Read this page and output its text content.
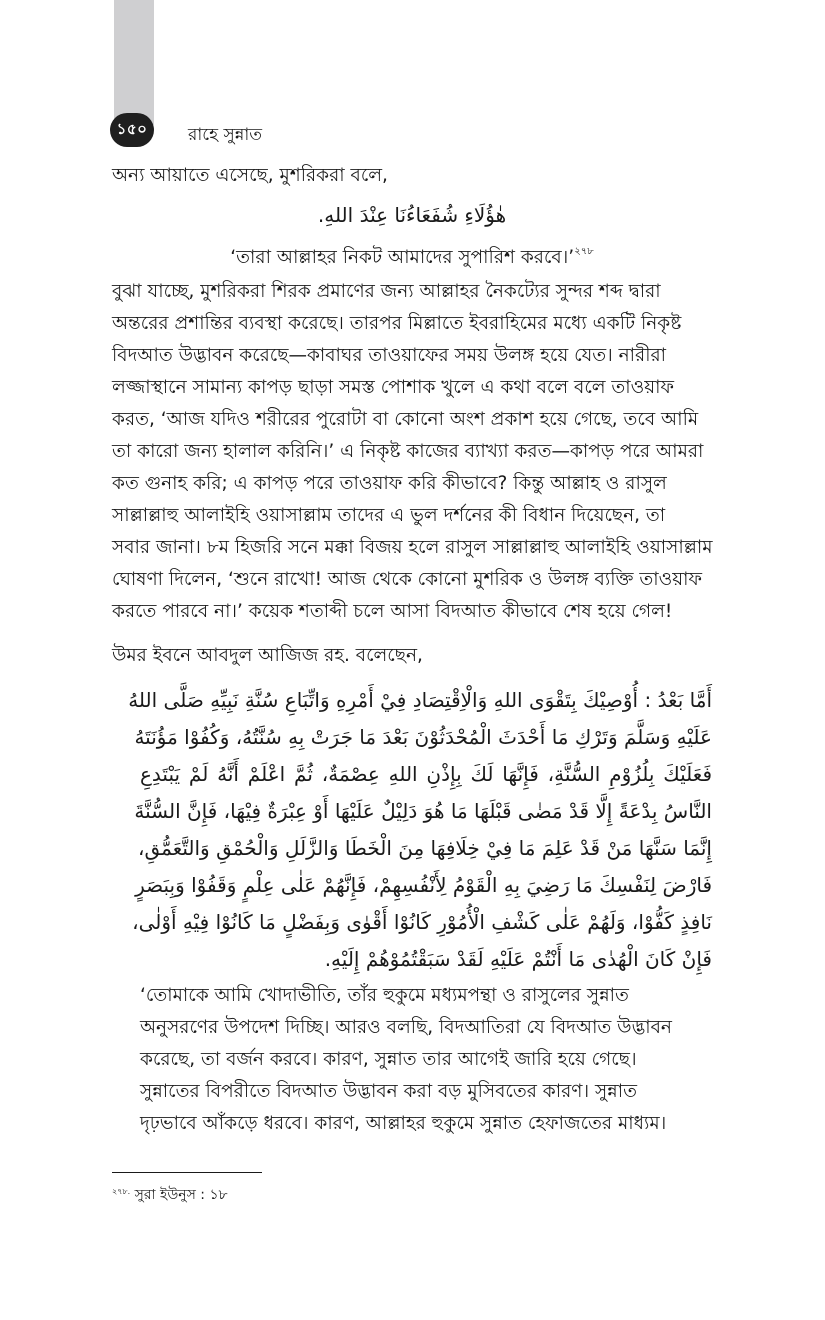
১৫০	রাহে সুন্নাত
অন্য আয়াতে এসেছে, মুশরিকরা বলে,
هٰؤُلَاءِ شُفَعَاءُنَا عِنْدَ اللهِ.
‘তারা আল্লাহর নিকট আমাদের সুপারিশ করবে।’$^{২৭৮}$
বুঝা যাচ্ছে, মুশরিকরা শিরক প্রমাণের জন্য আল্লাহর নৈকট্যের সুন্দর শব্দ দ্বারা
অন্তরের প্রশান্তির ব্যবস্থা করেছে। তারপর মিল্লাতে ইবরাহিমের মধ্যে একটি নিকৃষ্ট
বিদআত উদ্ভাবন করেছে—কাবাঘর তাওয়াফের সময় উলঙ্গ হয়ে যেত। নারীরা
লজ্জাস্থানে সামান্য কাপড় ছাড়া সমস্ত পোশাক খুলে এ কথা বলে বলে তাওয়াফ
করত, ‘আজ যদিও শরীরের পুরোটা বা কোনো অংশ প্রকাশ হয়ে গেছে, তবে আমি
তা কারো জন্য হালাল করিনি।’ এ নিকৃষ্ট কাজের ব্যাখ্যা করত—কাপড় পরে আমরা
কত গুনাহ করি; এ কাপড় পরে তাওয়াফ করি কীভাবে? কিন্তু আল্লাহ ও রাসুল
সাল্লাল্লাহু আলাইহি ওয়াসাল্লাম তাদের এ ভুল দর্শনের কী বিধান দিয়েছেন, তা
সবার জানা। ৮ম হিজরি সনে মক্কা বিজয় হলে রাসুল সাল্লাল্লাহু আলাইহি ওয়াসাল্লাম
ঘোষণা দিলেন, ‘শুনে রাখো! আজ থেকে কোনো মুশরিক ও উলঙ্গ ব্যক্তি তাওয়াফ
করতে পারবে না।’ কয়েক শতাব্দী চলে আসা বিদআত কীভাবে শেষ হয়ে গেল!
উমর ইবনে আবদুল আজিজ রহ. বলেছেন,
أَمَّا بَعْدُ : أُوْصِيْكَ بِتَقْوَى اللهِ وَالْاِقْتِصَادِ فِيْ أَمْرِهِ وَاتِّبَاعِ سُنَّةِ نَبِيِّهِ صَلَّى اللهُ
عَلَيْهِ وَسَلَّمَ وَتَرْكِ مَا أَحْدَثَ الْمُحْدَثُوْنَ بَعْدَ مَا جَرَتْ بِهِ سُنَّتُهُ، وَكُفُوْا مَؤُنَتَهُ
فَعَلَيْكَ بِلُزُوْمِ السُّنَّةِ، فَإِنَّهَا لَكَ بِإِذْنِ اللهِ عِصْمَةٌ، ثُمَّ اعْلَمْ أَنَّهُ لَمْ يَبْتَدِعِ
النَّاسُ بِدْعَةً إِلَّا قَدْ مَضٰى قَبْلَهَا مَا هُوَ دَلِيْلٌ عَلَيْهَا أَوْ عِبْرَةٌ فِيْهَا، فَإِنَّ السُّنَّةَ
إِنَّمَا سَنَّهَا مَنْ قَدْ عَلِمَ مَا فِيْ خِلَافِهَا مِنَ الْخَطَا وَالزَّلَلِ وَالْحُمْقِ وَالتَّعَمُّقِ،
فَارْضَ لِنَفْسِكَ مَا رَضِيَ بِهِ الْقَوْمُ لِأَنْفُسِهِمْ، فَإِنَّهُمْ عَلٰى عِلْمٍ وَقَفُوْا وَبِبَصَرٍ
نَافِذٍ كَفُّوْا، وَلَهُمْ عَلٰى كَشْفِ الْأُمُوْرِ كَانُوْا أَقْوٰى وَبِفَضْلٍ مَا كَانُوْا فِيْهِ أَوْلٰى،
فَإِنْ كَانَ الْهُدٰى مَا أَنْتُمْ عَلَيْهِ لَقَدْ سَبَقْتُمُوْهُمْ إِلَيْهِ.
‘তোমাকে আমি খোদাভীতি, তাঁর হুকুমে মধ্যমপন্থা ও রাসুলের সুন্নাত
অনুসরণের উপদেশ দিচ্ছি। আরও বলছি, বিদআতিরা যে বিদআত উদ্ভাবন
করেছে, তা বর্জন করবে। কারণ, সুন্নাত তার আগেই জারি হয়ে গেছে।
সুন্নাতের বিপরীতে বিদআত উদ্ভাবন করা বড় মুসিবতের কারণ। সুন্নাত
দৃঢ়ভাবে আঁকড়ে ধরবে। কারণ, আল্লাহর হুকুমে সুন্নাত হেফাজতের মাধ্যম।
$^{২৭৮.}$ সুরা ইউনুস : ১৮
